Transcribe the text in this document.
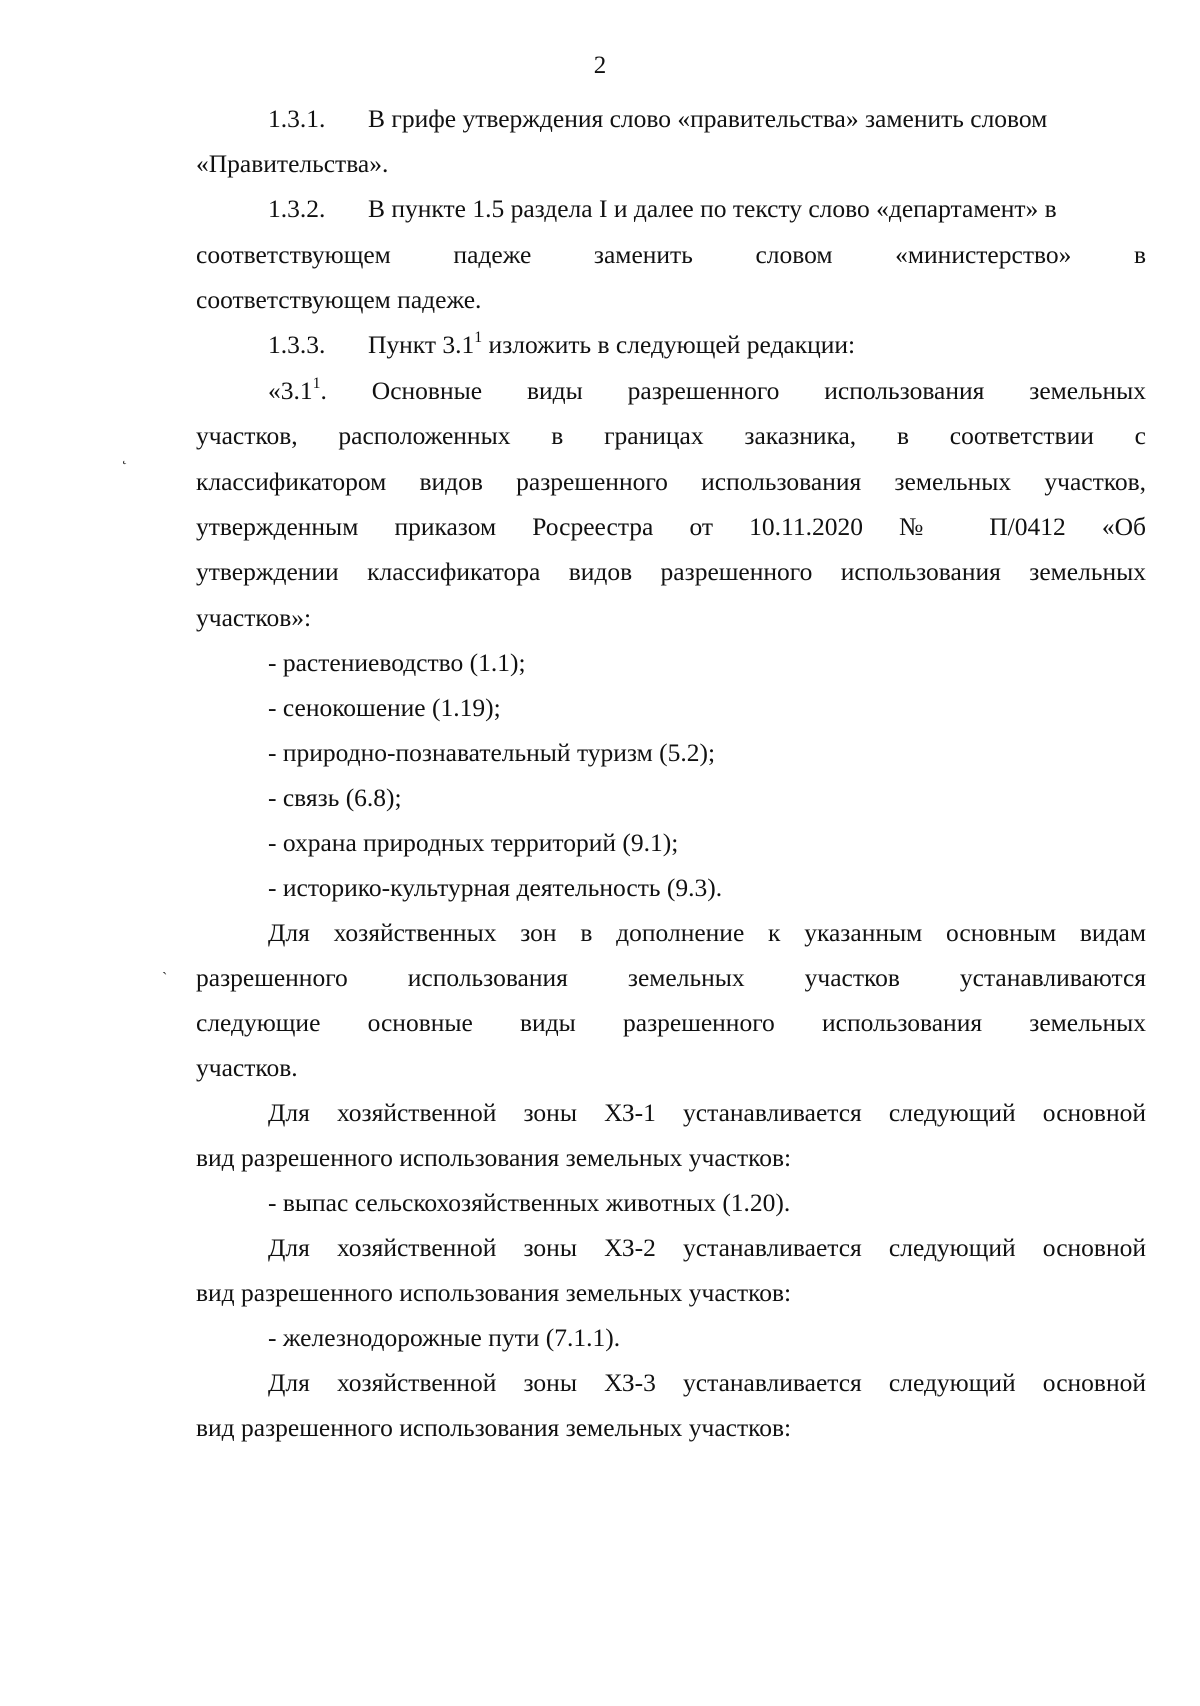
2
1.3.1. В грифе утверждения слово «правительства» заменить словом
«Правительства».
1.3.2. В пункте 1.5 раздела I и далее по тексту слово «департамент» в
соответствующем падеже заменить словом «министерство» в
соответствующем падеже.
1.3.3. Пункт $3.1^1$ изложить в следующей редакции:
«$3.1^1$. Основные виды разрешенного использования земельных
участков, расположенных в границах заказника, в соответствии с
классификатором видов разрешенного использования земельных участков,
утвержденным приказом Росреестра от 10.11.2020 № П/0412 «Об
утверждении классификатора видов разрешенного использования земельных
участков»:
- растениеводство (1.1);
- сенокошение (1.19);
- природно-познавательный туризм (5.2);
- связь (6.8);
- охрана природных территорий (9.1);
- историко-культурная деятельность (9.3).
Для хозяйственных зон в дополнение к указанным основным видам
разрешенного использования земельных участков устанавливаются
следующие основные виды разрешенного использования земельных
участков.
Для хозяйственной зоны ХЗ-1 устанавливается следующий основной
вид разрешенного использования земельных участков:
- выпас сельскохозяйственных животных (1.20).
Для хозяйственной зоны ХЗ-2 устанавливается следующий основной
вид разрешенного использования земельных участков:
- железнодорожные пути (7.1.1).
Для хозяйственной зоны ХЗ-3 устанавливается следующий основной
вид разрешенного использования земельных участков:
˛
ˎ
